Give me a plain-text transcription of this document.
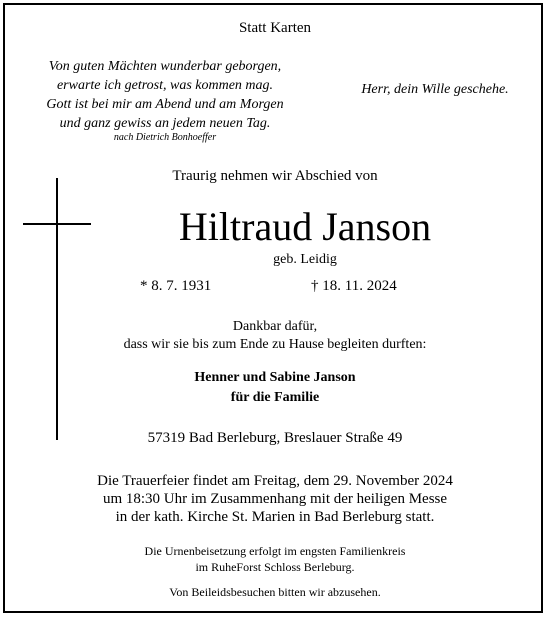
Statt Karten
Von guten Mächten wunderbar geborgen,
erwarte ich getrost, was kommen mag.
Gott ist bei mir am Abend und am Morgen
und ganz gewiss an jedem neuen Tag.
nach Dietrich Bonhoeffer
Herr, dein Wille geschehe.
Traurig nehmen wir Abschied von
Hiltraud Janson
geb. Leidig
* 8. 7. 1931	† 18. 11. 2024
Dankbar dafür,
dass wir sie bis zum Ende zu Hause begleiten durften:
Henner und Sabine Janson
für die Familie
57319 Bad Berleburg, Breslauer Straße 49
Die Trauerfeier findet am Freitag, dem 29. November 2024
um 18:30 Uhr im Zusammenhang mit der heiligen Messe
in der kath. Kirche St. Marien in Bad Berleburg statt.
Die Urnenbeisetzung erfolgt im engsten Familienkreis
im RuheForst Schloss Berleburg.
Von Beileidsbesuchen bitten wir abzusehen.
